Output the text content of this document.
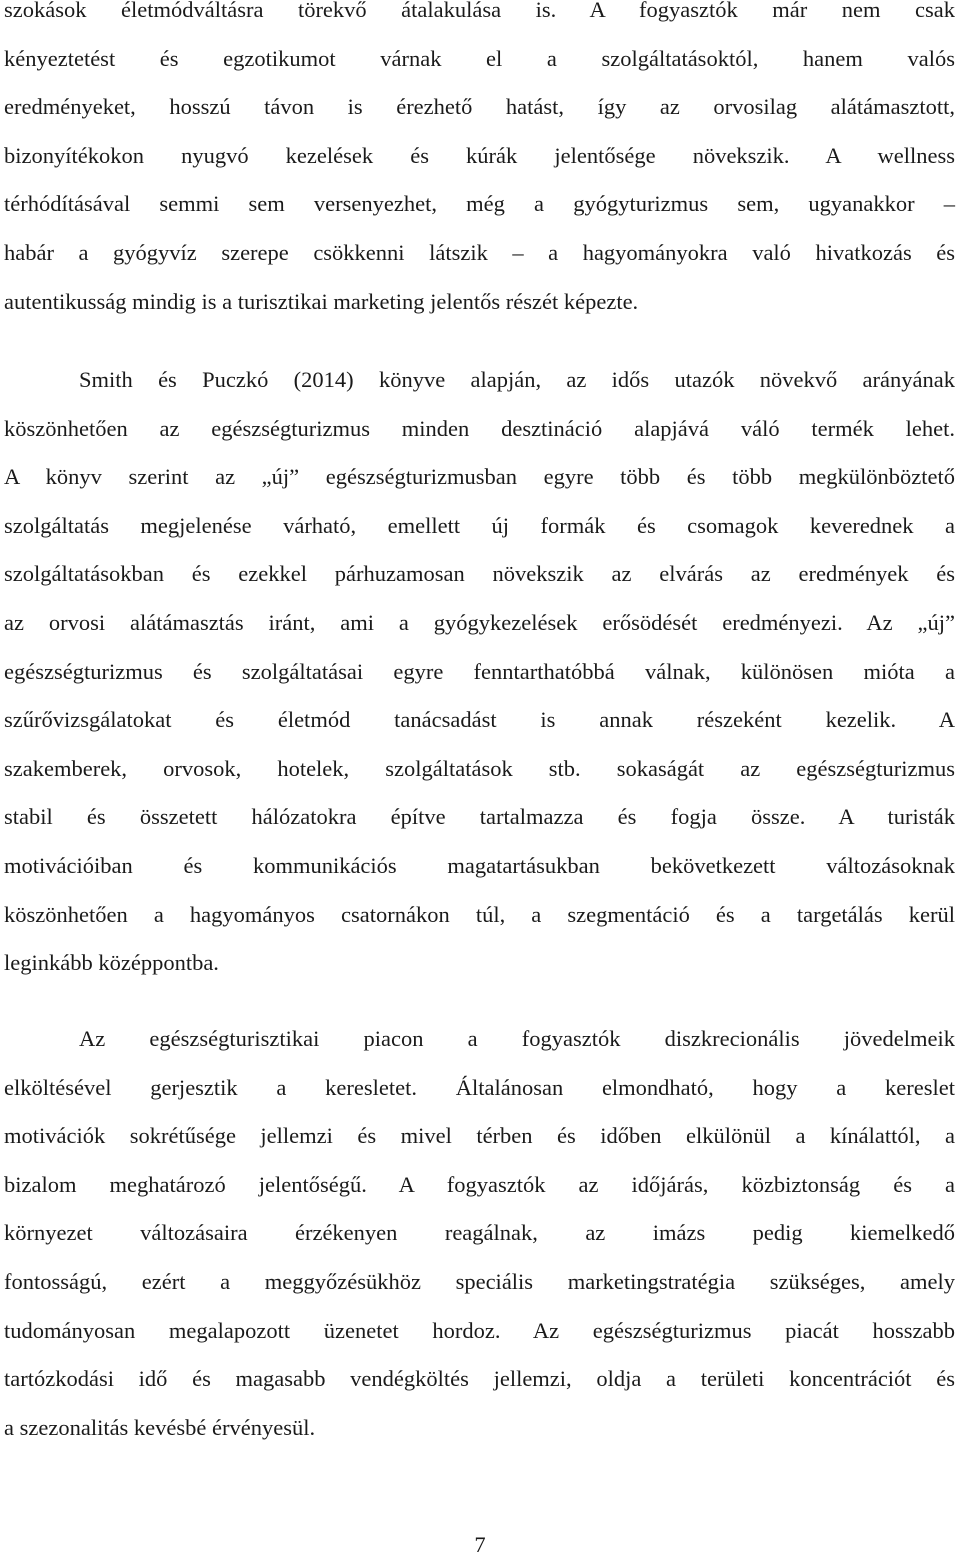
szokások életmódváltásra törekvő átalakulása is. A fogyasztók már nem csak
kényeztetést és egzotikumot várnak el a szolgáltatásoktól, hanem valós
eredményeket, hosszú távon is érezhető hatást, így az orvosilag alátámasztott,
bizonyítékokon nyugvó kezelések és kúrák jelentősége növekszik. A wellness
térhódításával semmi sem versenyezhet, még a gyógyturizmus sem, ugyanakkor –
habár a gyógyvíz szerepe csökkenni látszik – a hagyományokra való hivatkozás és
autentikusság mindig is a turisztikai marketing jelentős részét képezte.
Smith és Puczkó (2014) könyve alapján, az idős utazók növekvő arányának
köszönhetően az egészségturizmus minden desztináció alapjává váló termék lehet.
A könyv szerint az „új” egészségturizmusban egyre több és több megkülönböztető
szolgáltatás megjelenése várható, emellett új formák és csomagok keverednek a
szolgáltatásokban és ezekkel párhuzamosan növekszik az elvárás az eredmények és
az orvosi alátámasztás iránt, ami a gyógykezelések erősödését eredményezi. Az „új”
egészségturizmus és szolgáltatásai egyre fenntarthatóbbá válnak, különösen mióta a
szűrővizsgálatokat és életmód tanácsadást is annak részeként kezelik. A
szakemberek, orvosok, hotelek, szolgáltatások stb. sokaságát az egészségturizmus
stabil és összetett hálózatokra építve tartalmazza és fogja össze. A turisták
motivációiban és kommunikációs magatartásukban bekövetkezett változásoknak
köszönhetően a hagyományos csatornákon túl, a szegmentáció és a targetálás kerül
leginkább középpontba.
Az egészségturisztikai piacon a fogyasztók diszkrecionális jövedelmeik
elköltésével gerjesztik a keresletet. Általánosan elmondható, hogy a kereslet
motivációk sokrétűsége jellemzi és mivel térben és időben elkülönül a kínálattól, a
bizalom meghatározó jelentőségű. A fogyasztók az időjárás, közbiztonság és a
környezet változásaira érzékenyen reagálnak, az imázs pedig kiemelkedő
fontosságú, ezért a meggyőzésükhöz speciális marketingstratégia szükséges, amely
tudományosan megalapozott üzenetet hordoz. Az egészségturizmus piacát hosszabb
tartózkodási idő és magasabb vendégköltés jellemzi, oldja a területi koncentrációt és
a szezonalitás kevésbé érvényesül.
7
